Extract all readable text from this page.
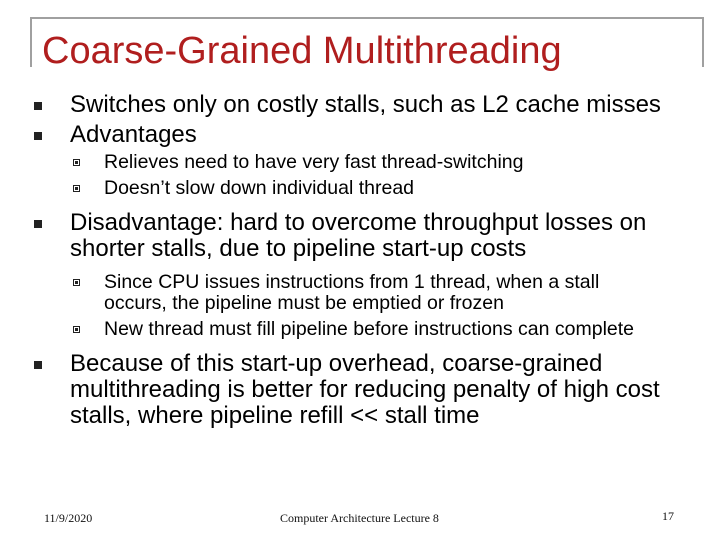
Coarse-Grained Multithreading
Switches only on costly stalls, such as L2 cache misses
Advantages
Relieves need to have very fast thread-switching
Doesn’t slow down individual thread
Disadvantage: hard to overcome throughput losses on shorter stalls, due to pipeline start-up costs
Since CPU issues instructions from 1 thread, when a stall occurs, the pipeline must be emptied or frozen
New thread must fill pipeline before instructions can complete
Because of this start-up overhead, coarse-grained multithreading is better for reducing penalty of high cost stalls, where pipeline refill << stall time
11/9/2020	Computer Architecture Lecture 8	17
